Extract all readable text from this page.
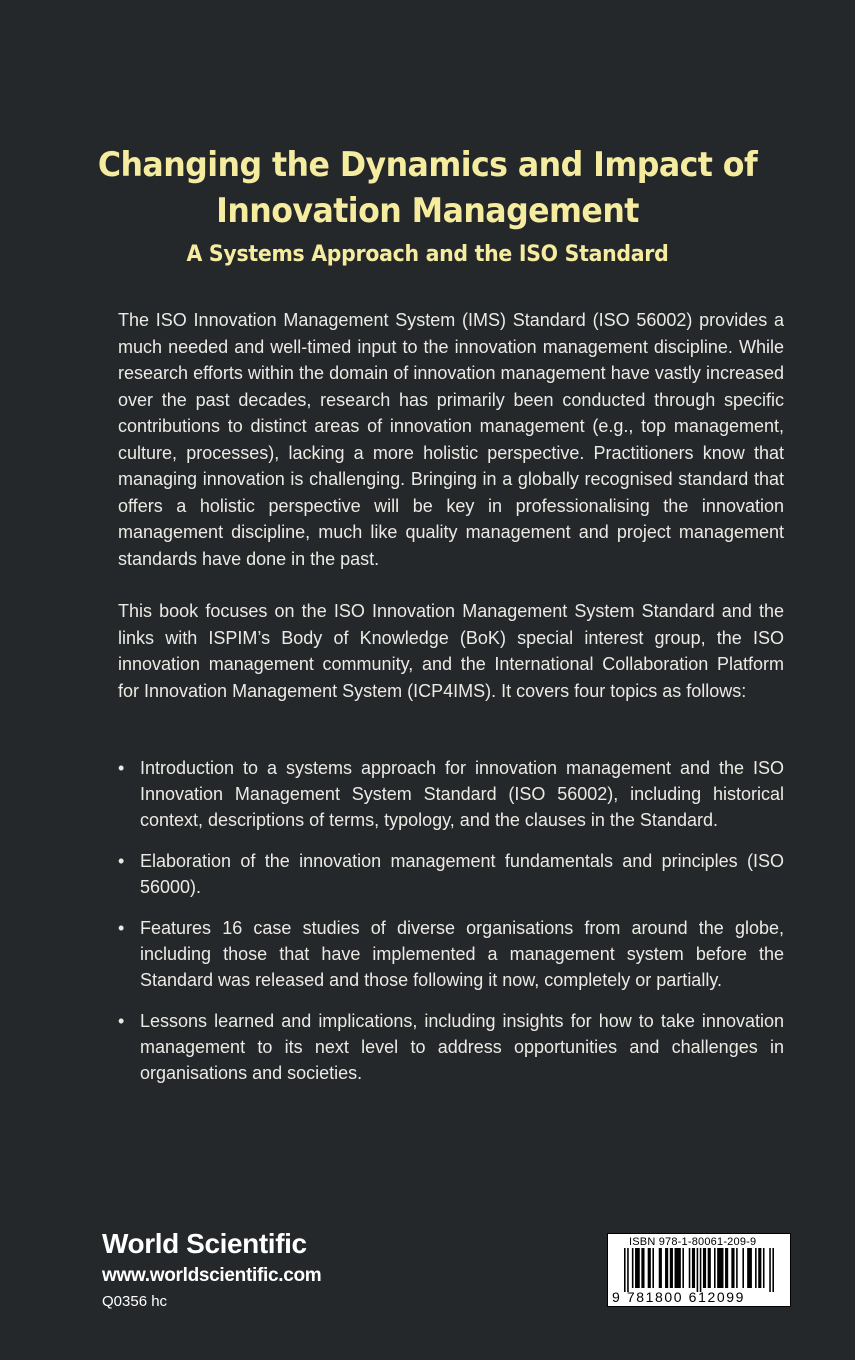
Changing the Dynamics and Impact of Innovation Management
A Systems Approach and the ISO Standard

The ISO Innovation Management System (IMS) Standard (ISO 56002) provides a much needed and well-timed input to the innovation management discipline. While research efforts within the domain of innovation management have vastly increased over the past decades, research has primarily been conducted through specific contributions to distinct areas of innovation management (e.g., top management, culture, processes), lacking a more holistic perspective. Practitioners know that managing innovation is challenging. Bringing in a globally recognised standard that offers a holistic perspective will be key in professionalising the innovation management discipline, much like quality management and project management standards have done in the past.

This book focuses on the ISO Innovation Management System Standard and the links with ISPIM’s Body of Knowledge (BoK) special interest group, the ISO innovation management community, and the International Collaboration Platform for Innovation Management System (ICP4IMS). It covers four topics as follows:

• Introduction to a systems approach for innovation management and the ISO Innovation Management System Standard (ISO 56002), including historical context, descriptions of terms, typology, and the clauses in the Standard.
• Elaboration of the innovation management fundamentals and principles (ISO 56000).
• Features 16 case studies of diverse organisations from around the globe, including those that have implemented a management system before the Standard was released and those following it now, completely or partially.
• Lessons learned and implications, including insights for how to take innovation management to its next level to address opportunities and challenges in organisations and societies.
World Scientific
www.worldscientific.com
Q0356 hc
ISBN 978-1-80061-209-9
9 781800 612099
